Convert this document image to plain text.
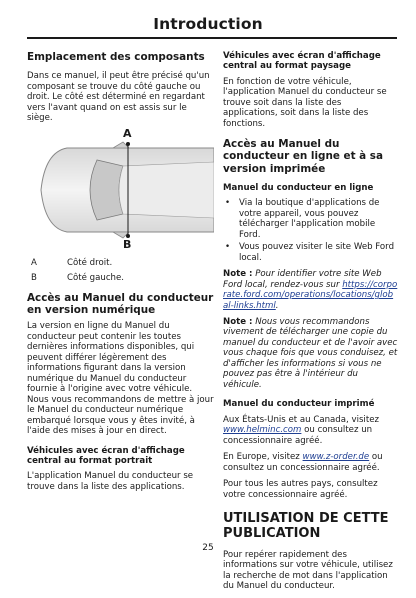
Introduction
Emplacement des composants

Dans ce manuel, il peut être précisé qu'un composant se trouve du côté gauche ou droit. Le côté est déterminé en regardant vers l'avant quand on est assis sur le siège.

A
B
A	Côté droit.
B	Côté gauche.
Accès au Manuel du conducteur en version numérique

La version en ligne du Manuel du conducteur peut contenir les toutes dernières informations disponibles, qui peuvent différer légèrement des informations figurant dans la version numérique du Manuel du conducteur fournie à l'origine avec votre véhicule. Nous vous recommandons de mettre à jour le Manuel du conducteur numérique embarqué lorsque vous y êtes invité, à l'aide des mises à jour en direct.

Véhicules avec écran d'affichage central au format portrait

L'application Manuel du conducteur se trouve dans la liste des applications.

Véhicules avec écran d'affichage central au format paysage

En fonction de votre véhicule, l'application Manuel du conducteur se trouve soit dans la liste des applications, soit dans la liste des fonctions.

Accès au Manuel du conducteur en ligne et à sa version imprimée
Manuel du conducteur en ligne
• Via la boutique d'applications de votre appareil, vous pouvez télécharger l'application mobile Ford.
• Vous pouvez visiter le site Web Ford local.

Note : Pour identifier votre site Web Ford local, rendez-vous sur https://corporate.ford.com/operations/locations/global-links.html.

Note : Nous vous recommandons vivement de télécharger une copie du manuel du conducteur et de l'avoir avec vous chaque fois que vous conduisez, et d'afficher les informations si vous ne pouvez pas être à l'intérieur du véhicule.

Manuel du conducteur imprimé

Aux États-Unis et au Canada, visitez www.helminc.com ou consultez un concessionnaire agréé.

En Europe, visitez www.z-order.de ou consultez un concessionnaire agréé.

Pour tous les autres pays, consultez votre concessionnaire agréé.

UTILISATION DE CETTE PUBLICATION

Pour repérer rapidement des informations sur votre véhicule, utilisez la recherche de mot dans l'application du Manuel du conducteur.

25
